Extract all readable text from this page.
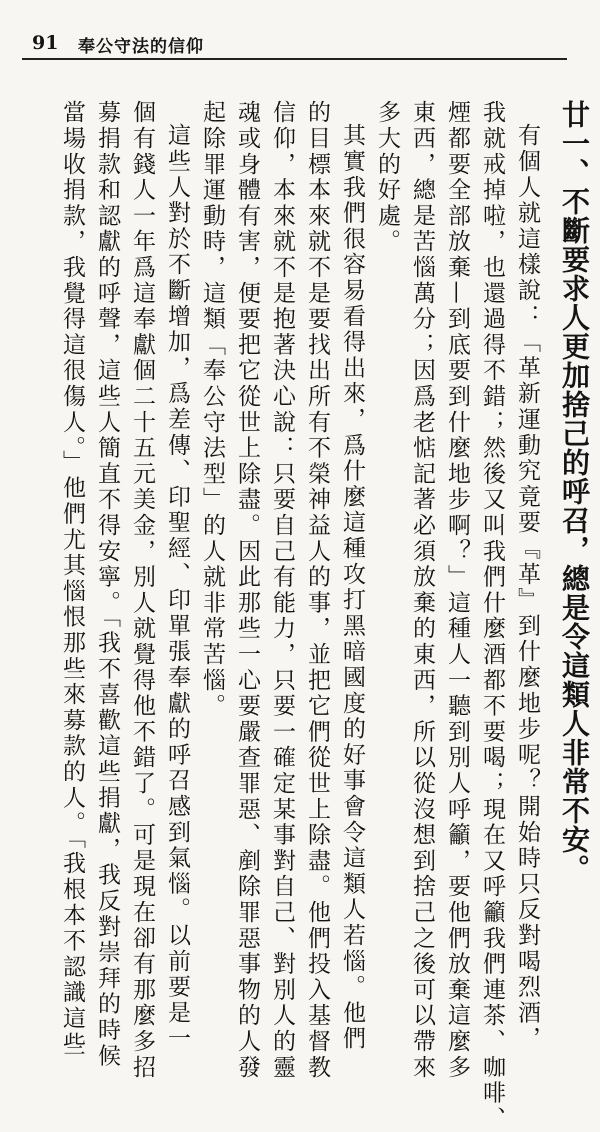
91 奉公守法的信仰
廿一、不斷要求人更加捨己的呼召，總是令這類人非常不安。
有個人就這樣說：「革新運動究竟要『革』到什麼地步呢？開始時只反對喝烈酒，
我就戒掉啦，也還過得不錯；然後又叫我們什麼酒都不要喝；現在又呼籲我們連茶、咖啡、
煙都要全部放棄—到底要到什麼地步啊？」這種人一聽到別人呼籲，要他們放棄這麼多
東西，總是苦惱萬分；因爲老惦記著必須放棄的東西，所以從沒想到捨己之後可以帶來
多大的好處。
其實我們很容易看得出來，爲什麼這種攻打黑暗國度的好事會令這類人若惱。他們
的目標本來就不是要找出所有不榮神益人的事，並把它們從世上除盡。他們投入基督教
信仰，本來就不是抱著決心說：只要自己有能力，只要一確定某事對自己、對別人的靈
魂或身體有害，便要把它從世上除盡。因此那些一心要嚴查罪惡、剷除罪惡事物的人發
起除罪運動時，這類「奉公守法型」的人就非常苦惱。
這些人對於不斷增加，爲差傳、印聖經、印單張奉獻的呼召感到氣惱。以前要是一
個有錢人一年爲這奉獻個二十五元美金，別人就覺得他不錯了。可是現在卻有那麼多招
募捐款和認獻的呼聲，這些人簡直不得安寧。「我不喜歡這些捐獻，我反對崇拜的時候
當場收捐款，我覺得這很傷人。」他們尤其惱恨那些來募款的人。「我根本不認識這些
